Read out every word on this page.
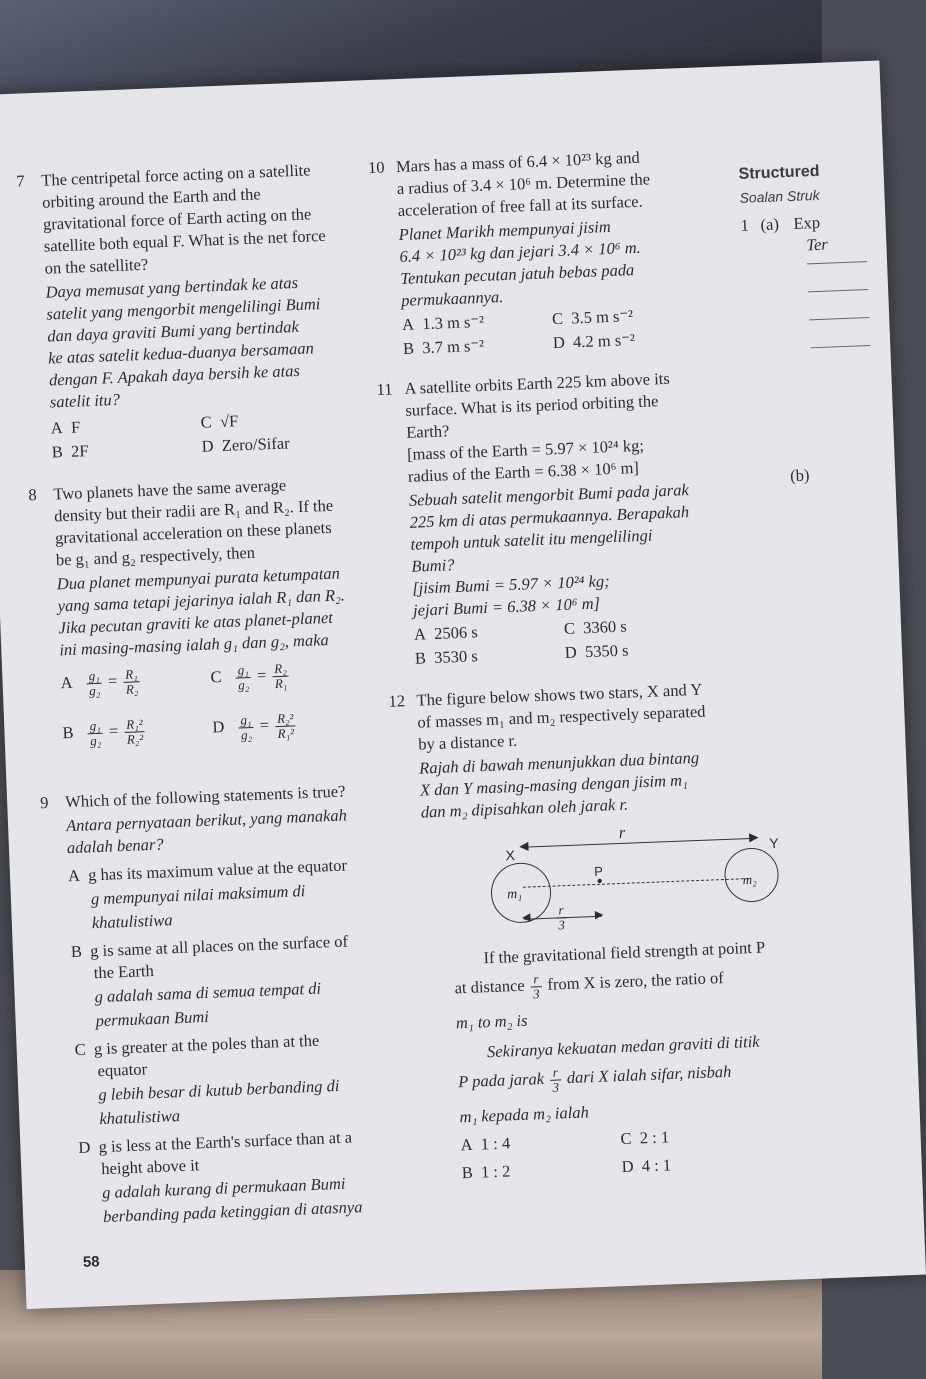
7 The centripetal force acting on a satellite
orbiting around the Earth and the
gravitational force of Earth acting on the
satellite both equal F. What is the net force
on the satellite?
Daya memusat yang bertindak ke atas
satelit yang mengorbit mengelilingi Bumi
dan daya graviti Bumi yang bertindak
ke atas satelit kedua-duanya bersamaan
dengan F. Apakah daya bersih ke atas
satelit itu?
A F
B 2F
C √F
D Zero/Sifar
8 Two planets have the same average
density but their radii are R₁ and R₂. If the
gravitational acceleration on these planets
be g₁ and g₂ respectively, then
Dua planet mempunyai purata ketumpatan
yang sama tetapi jejarinya ialah R₁ dan R₂.
Jika pecutan graviti ke atas planet-planet
ini masing-masing ialah g₁ dan g₂, maka
A $\frac{\text{g₁}}{\text{g₂}} = \frac{\text{R₁}}{\text{R₂}}$
B $\frac{\text{g₁}}{\text{g₂}} = \frac{\text{R₁²}}{\text{R₂²}}$
C $\frac{\text{g₁}}{\text{g₂}} = \frac{\text{R₂}}{\text{R₁}}$
D $\frac{\text{g₁}}{\text{g₂}} = \frac{\text{R₂²}}{\text{R₁²}}$
9 Which of the following statements is true?
Antara pernyataan berikut, yang manakah
adalah benar?
A g has its maximum value at the equator
g mempunyai nilai maksimum di
khatulistiwa
B g is same at all places on the surface of
the Earth
g adalah sama di semua tempat di
permukaan Bumi
C g is greater at the poles than at the
equator
g lebih besar di kutub berbanding di
khatulistiwa
D g is less at the Earth's surface than at a
height above it
g adalah kurang di permukaan Bumi
berbanding pada ketinggian di atasnya
58
10 Mars has a mass of 6.4 × 10²³ kg and
a radius of 3.4 × 10⁶ m. Determine the
acceleration of free fall at its surface.
Planet Marikh mempunyai jisim
6.4 × 10²³ kg dan jejari 3.4 × 10⁶ m.
Tentukan pecutan jatuh bebas pada
permukaannya.
A 1.3 m s⁻²
B 3.7 m s⁻²
C 3.5 m s⁻²
D 4.2 m s⁻²
11 A satellite orbits Earth 225 km above its
surface. What is its period orbiting the
Earth?
[mass of the Earth = 5.97 × 10²⁴ kg;
radius of the Earth = 6.38 × 10⁶ m]
Sebuah satelit mengorbit Bumi pada jarak
225 km di atas permukaannya. Berapakah
tempoh untuk satelit itu mengelilingi
Bumi?
[jisim Bumi = 5.97 × 10²⁴ kg;
jejari Bumi = 6.38 × 10⁶ m]
A 2506 s
B 3530 s
C 3360 s
D 5350 s
12 The figure below shows two stars, X and Y
of masses m₁ and m₂ respectively separated
by a distance r.
Rajah di bawah menunjukkan dua bintang
X dan Y masing-masing dengan jisim m₁
dan m₂ dipisahkan oleh jarak r.
r
◀
▶
X
Y
P
●
m₁
m₂
◀	▶
$\frac{r}{3}$
If the gravitational field strength at point P
at distance $\frac{r}{3}$ from X is zero, the ratio of
m₁ to m₂ is
Sekiranya kekuatan medan graviti di titik
P pada jarak $\frac{r}{3}$ dari X ialah sifar, nisbah
m₁ kepada m₂ ialah
A 1 : 4
B 1 : 2
C 2 : 1
D 4 : 1
Structured
Soalan Struk
1 (a) Exp
Ter
(b)
